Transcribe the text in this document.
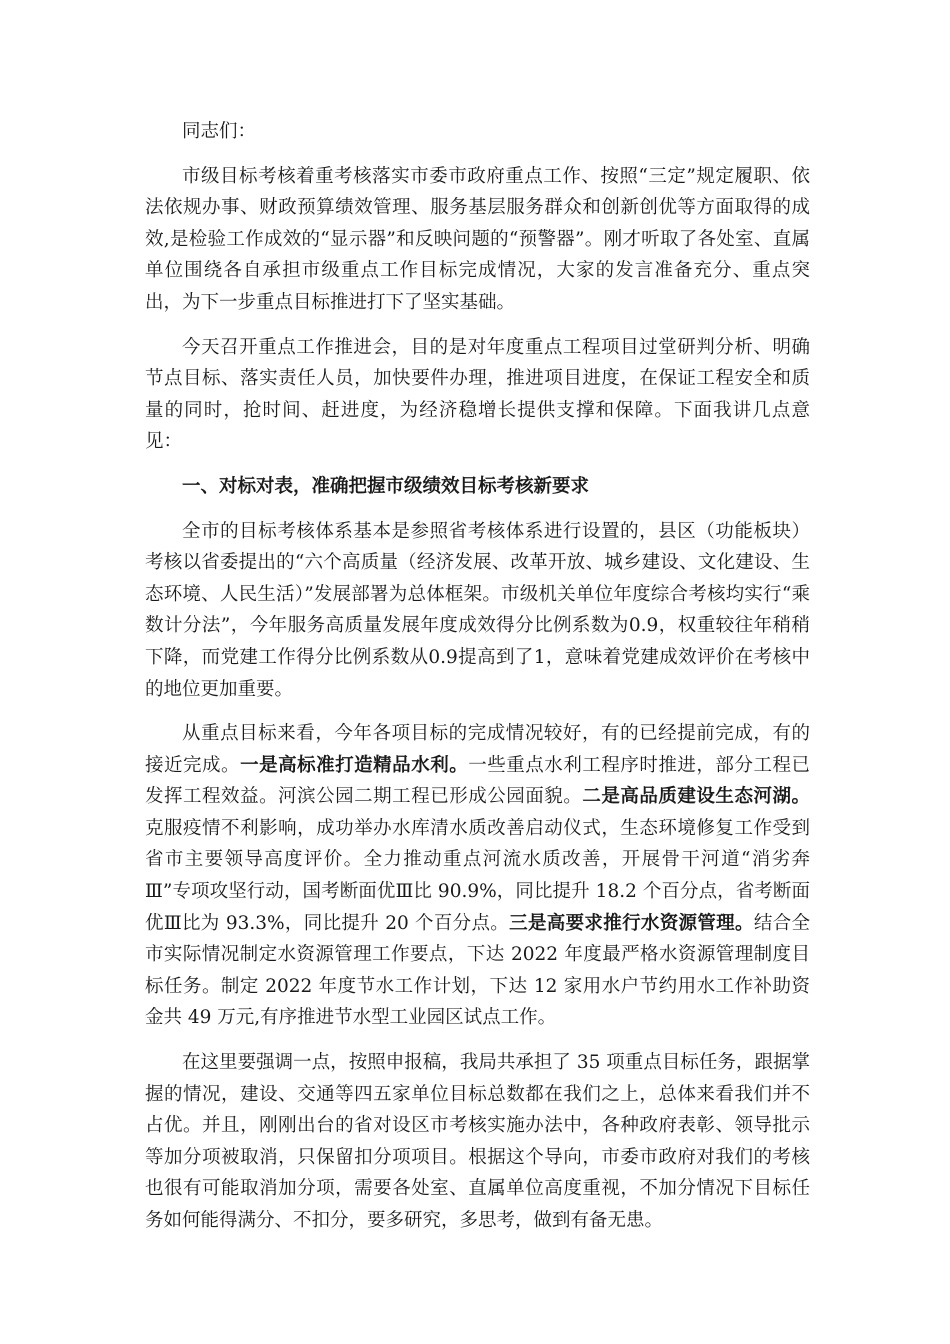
同志们：

市级目标考核着重考核落实市委市政府重点工作、按照“三定”规定履职、依法依规办事、财政预算绩效管理、服务基层服务群众和创新创优等方面取得的成效,是检验工作成效的“显示器”和反映问题的“预警器”。刚才听取了各处室、直属单位围绕各自承担市级重点工作目标完成情况，大家的发言准备充分、重点突出，为下一步重点目标推进打下了坚实基础。

今天召开重点工作推进会，目的是对年度重点工程项目过堂研判分析、明确节点目标、落实责任人员，加快要件办理，推进项目进度，在保证工程安全和质量的同时，抢时间、赶进度，为经济稳增长提供支撑和保障。下面我讲几点意见：

一、对标对表，准确把握市级绩效目标考核新要求

全市的目标考核体系基本是参照省考核体系进行设置的，县区（功能板块）考核以省委提出的“六个高质量（经济发展、改革开放、城乡建设、文化建设、生态环境、人民生活）”发展部署为总体框架。市级机关单位年度综合考核均实行“乘数计分法”，今年服务高质量发展年度成效得分比例系数为0.9，权重较往年稍稍下降，而党建工作得分比例系数从0.9提高到了1，意味着党建成效评价在考核中的地位更加重要。

从重点目标来看，今年各项目标的完成情况较好，有的已经提前完成，有的接近完成。一是高标准打造精品水利。一些重点水利工程序时推进，部分工程已发挥工程效益。河滨公园二期工程已形成公园面貌。二是高品质建设生态河湖。克服疫情不利影响，成功举办水库清水质改善启动仪式，生态环境修复工作受到省市主要领导高度评价。全力推动重点河流水质改善，开展骨干河道“消劣奔Ⅲ”专项攻坚行动，国考断面优Ⅲ比 90.9%，同比提升 18.2 个百分点，省考断面优Ⅲ比为 93.3%，同比提升 20 个百分点。三是高要求推行水资源管理。结合全市实际情况制定水资源管理工作要点，下达 2022 年度最严格水资源管理制度目标任务。制定 2022 年度节水工作计划，下达 12 家用水户节约用水工作补助资金共 49 万元,有序推进节水型工业园区试点工作。

在这里要强调一点，按照申报稿，我局共承担了 35 项重点目标任务，跟据掌握的情况，建设、交通等四五家单位目标总数都在我们之上，总体来看我们并不占优。并且，刚刚出台的省对设区市考核实施办法中，各种政府表彰、领导批示等加分项被取消，只保留扣分项项目。根据这个导向，市委市政府对我们的考核也很有可能取消加分项，需要各处室、直属单位高度重视，不加分情况下目标任务如何能得满分、不扣分，要多研究，多思考，做到有备无患。
